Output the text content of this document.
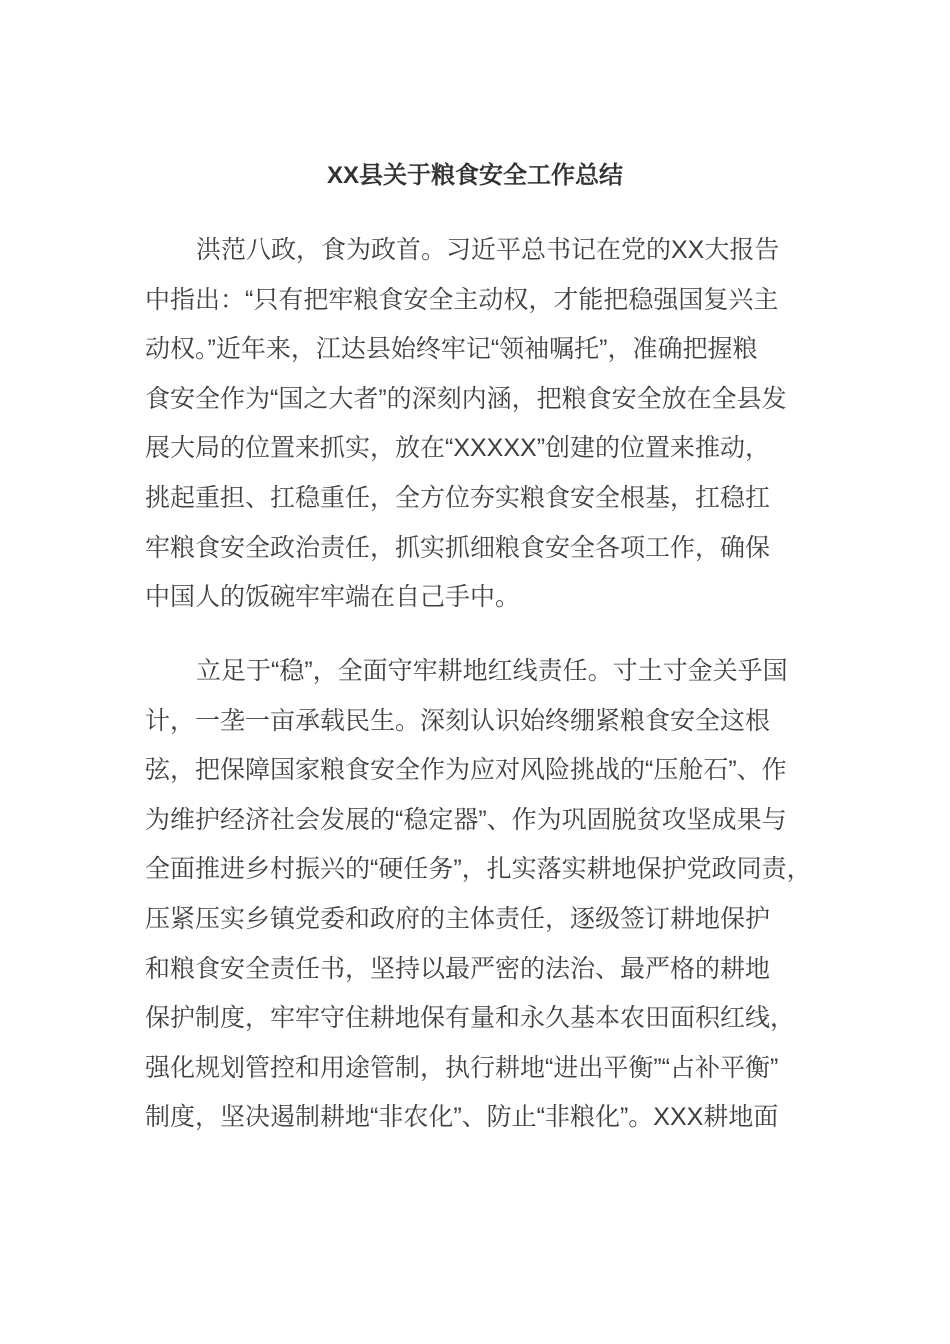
XX县关于粮食安全工作总结
洪范八政，食为政首。习近平总书记在党的XX大报告
中指出：“只有把牢粮食安全主动权，才能把稳强国复兴主
动权。”近年来，江达县始终牢记“领袖嘱托”，准确把握粮
食安全作为“国之大者”的深刻内涵，把粮食安全放在全县发
展大局的位置来抓实，放在“XXXXX”创建的位置来推动，
挑起重担、扛稳重任，全方位夯实粮食安全根基，扛稳扛
牢粮食安全政治责任，抓实抓细粮食安全各项工作，确保
中国人的饭碗牢牢端在自己手中。
立足于“稳”，全面守牢耕地红线责任。寸土寸金关乎国
计，一垄一亩承载民生。深刻认识始终绷紧粮食安全这根
弦，把保障国家粮食安全作为应对风险挑战的“压舱石”、作
为维护经济社会发展的“稳定器”、作为巩固脱贫攻坚成果与
全面推进乡村振兴的“硬任务”，扎实落实耕地保护党政同责，
压紧压实乡镇党委和政府的主体责任，逐级签订耕地保护
和粮食安全责任书，坚持以最严密的法治、最严格的耕地
保护制度，牢牢守住耕地保有量和永久基本农田面积红线，
强化规划管控和用途管制，执行耕地“进出平衡”“占补平衡”
制度，坚决遏制耕地“非农化”、防止“非粮化”。XXX耕地面
